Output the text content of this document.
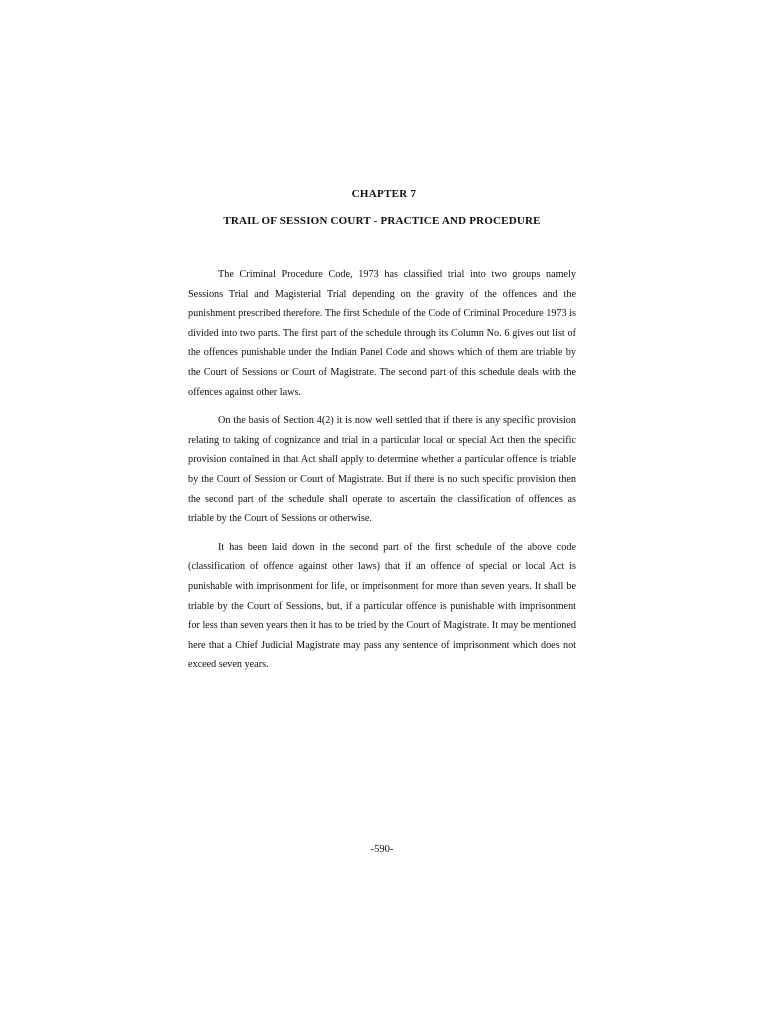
CHAPTER 7
TRAIL OF SESSION COURT - PRACTICE AND PROCEDURE

The Criminal Procedure Code, 1973 has classified trial into two groups namely Sessions Trial and Magisterial Trial depending on the gravity of the offences and the punishment prescribed therefore. The first Schedule of the Code of Criminal Procedure 1973 is divided into two parts. The first part of the schedule through its Column No. 6 gives out list of the offences punishable under the Indian Panel Code and shows which of them are triable by the Court of Sessions or Court of Magistrate. The second part of this schedule deals with the offences against other laws.

On the basis of Section 4(2) it is now well settled that if there is any specific provision relating to taking of cognizance and trial in a particular local or special Act then the specific provision contained in that Act shall apply to determine whether a particular offence is triable by the Court of Session or Court of Magistrate. But if there is no such specific provision then the second part of the schedule shall operate to ascertain the classification of offences as triable by the Court of Sessions or otherwise.

It has been laid down in the second part of the first schedule of the above code (classification of offence against other laws) that if an offence of special or local Act is punishable with imprisonment for life, or imprisonment for more than seven years. It shall be triable by the Court of Sessions, but, if a particular offence is punishable with imprisonment for less than seven years then it has to be tried by the Court of Magistrate. It may be mentioned here that a Chief Judicial Magistrate may pass any sentence of imprisonment which does not exceed seven years.

-590-
